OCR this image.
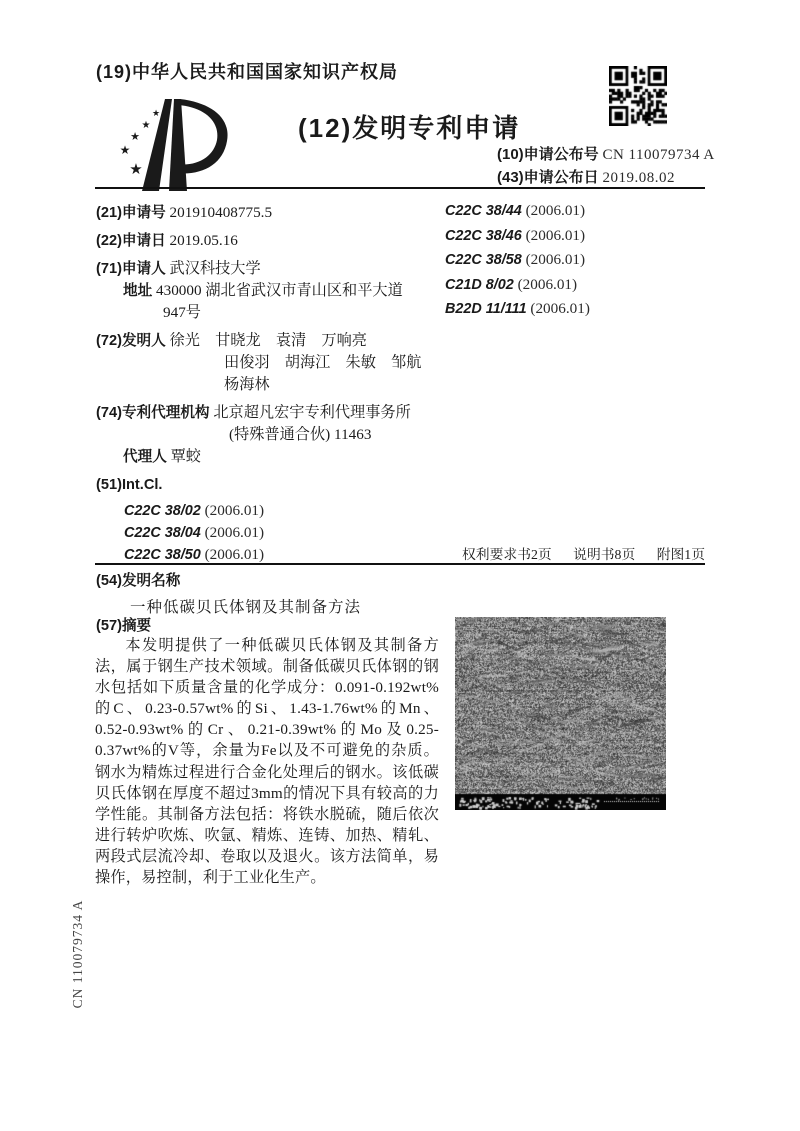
(19)中华人民共和国国家知识产权局
★
★
★
★
★
(12)发明专利申请
(10)申请公布号 CN 110079734 A
(43)申请公布日 2019.08.02
(21)申请号 201910408775.5
(22)申请日 2019.05.16
(71)申请人 武汉科技大学
地址 430000 湖北省武汉市青山区和平大道947号
(72)发明人 徐光　甘晓龙　袁清　万响亮
田俊羽　胡海江　朱敏　邹航
杨海林
(74)专利代理机构 北京超凡宏宇专利代理事务所(特殊普通合伙) 11463
代理人 覃蛟
(51)Int.Cl.
C22C 38/02 (2006.01)
C22C 38/04 (2006.01)
C22C 38/50 (2006.01)
C22C 38/44 (2006.01)
C22C 38/46 (2006.01)
C22C 38/58 (2006.01)
C21D 8/02 (2006.01)
B22D 11/111 (2006.01)
权利要求书2页 说明书8页 附图1页
(54)发明名称
一种低碳贝氏体钢及其制备方法
(57)摘要
本发明提供了一种低碳贝氏体钢及其制备方法，属于钢生产技术领域。制备低碳贝氏体钢的钢水包括如下质量含量的化学成分：0.091-0.192wt%的C、0.23-0.57wt%的Si、1.43-1.76wt%的Mn、0.52-0.93wt%的Cr、0.21-0.39wt%的Mo及0.25-0.37wt%的V等，余量为Fe以及不可避免的杂质。钢水为精炼过程进行合金化处理后的钢水。该低碳贝氏体钢在厚度不超过3mm的情况下具有较高的力学性能。其制备方法包括：将铁水脱硫，随后依次进行转炉吹炼、吹氩、精炼、连铸、加热、精轧、两段式层流冷却、卷取以及退火。该方法简单，易操作，易控制，利于工业化生产。
CN 110079734 A
